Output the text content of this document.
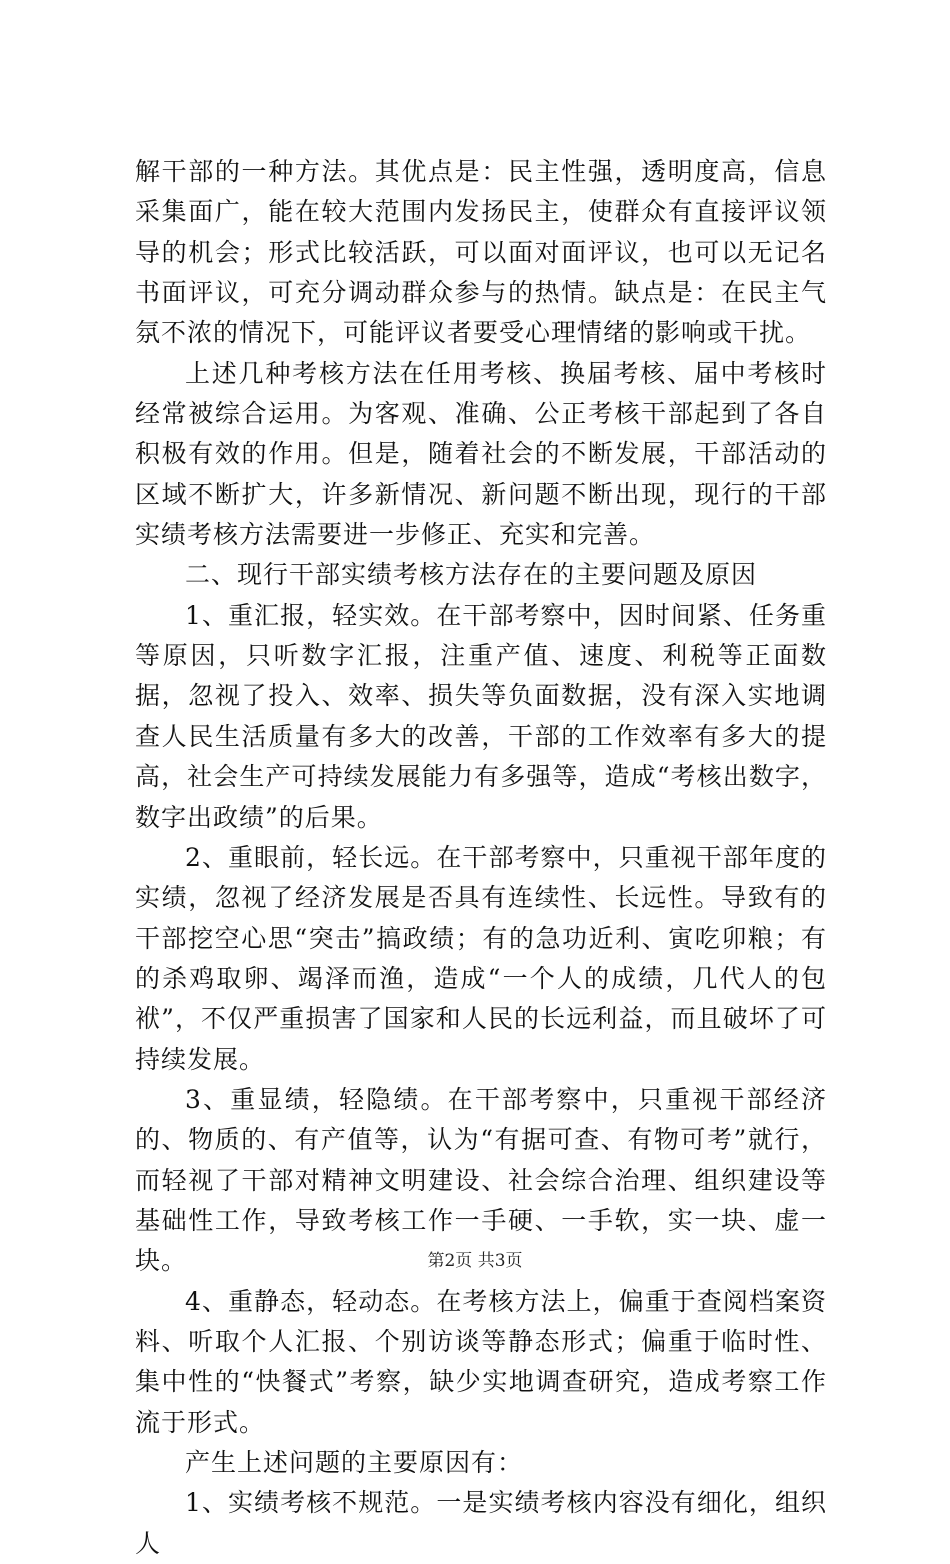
解干部的一种方法。其优点是：民主性强，透明度高，信息采集面广，能在较大范围内发扬民主，使群众有直接评议领导的机会；形式比较活跃，可以面对面评议，也可以无记名书面评议，可充分调动群众参与的热情。缺点是：在民主气氛不浓的情况下，可能评议者要受心理情绪的影响或干扰。

上述几种考核方法在任用考核、换届考核、届中考核时经常被综合运用。为客观、准确、公正考核干部起到了各自积极有效的作用。但是，随着社会的不断发展，干部活动的区域不断扩大，许多新情况、新问题不断出现，现行的干部实绩考核方法需要进一步修正、充实和完善。

二、现行干部实绩考核方法存在的主要问题及原因

1、重汇报，轻实效。在干部考察中，因时间紧、任务重等原因，只听数字汇报，注重产值、速度、利税等正面数据，忽视了投入、效率、损失等负面数据，没有深入实地调查人民生活质量有多大的改善，干部的工作效率有多大的提高，社会生产可持续发展能力有多强等，造成“考核出数字，数字出政绩”的后果。

2、重眼前，轻长远。在干部考察中，只重视干部年度的实绩，忽视了经济发展是否具有连续性、长远性。导致有的干部挖空心思“突击”搞政绩；有的急功近利、寅吃卯粮；有的杀鸡取卵、竭泽而渔，造成“一个人的成绩，几代人的包袱”，不仅严重损害了国家和人民的长远利益，而且破坏了可持续发展。

3、重显绩，轻隐绩。在干部考察中，只重视干部经济的、物质的、有产值等，认为“有据可查、有物可考”就行，而轻视了干部对精神文明建设、社会综合治理、组织建设等基础性工作，导致考核工作一手硬、一手软，实一块、虚一块。

4、重静态，轻动态。在考核方法上，偏重于查阅档案资料、听取个人汇报、个别访谈等静态形式；偏重于临时性、集中性的“快餐式”考察，缺少实地调查研究，造成考察工作流于形式。

产生上述问题的主要原因有：

1、实绩考核不规范。一是实绩考核内容没有细化，组织人

第2页 共3页
